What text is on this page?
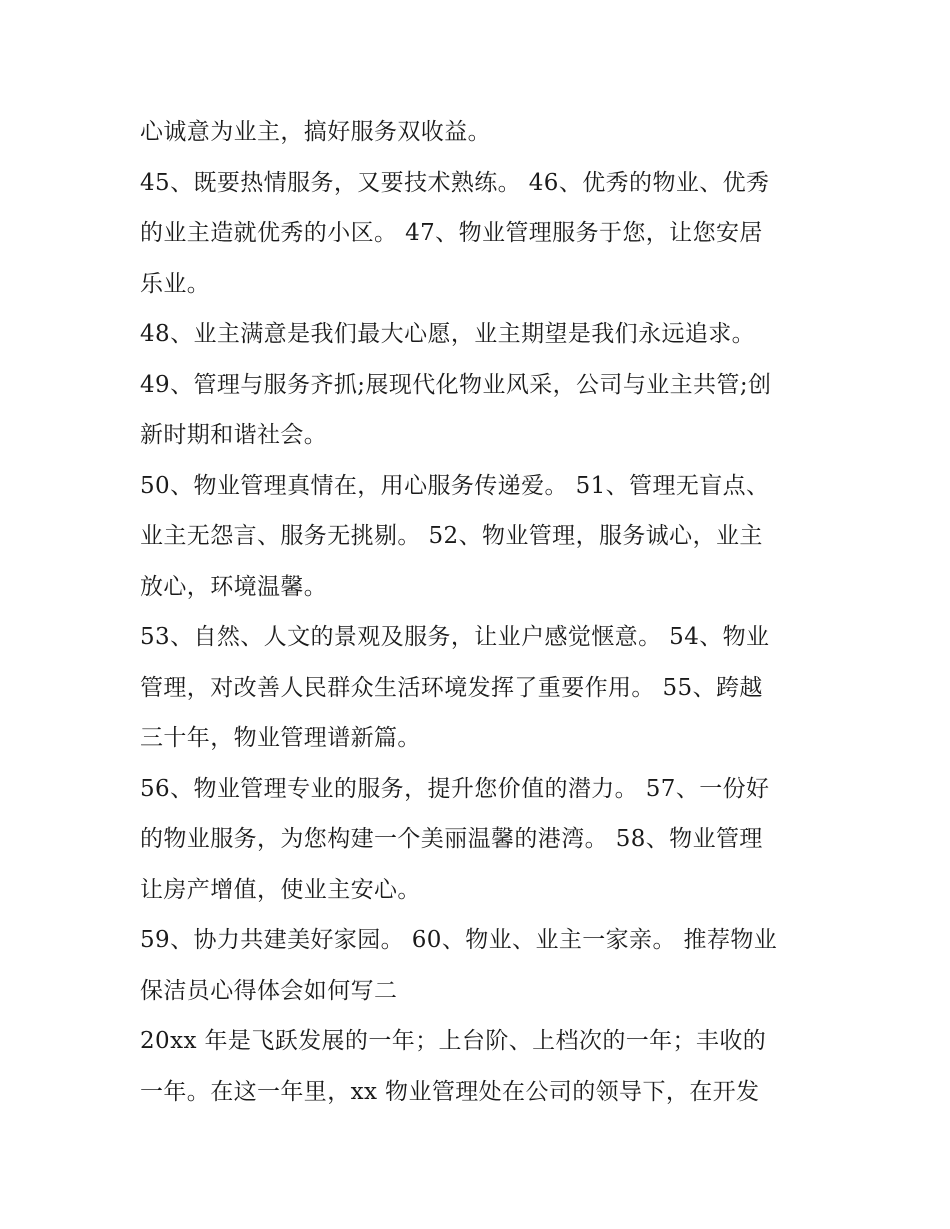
心诚意为业主，搞好服务双收益。
45、既要热情服务，又要技术熟练。 46、优秀的物业、优秀
的业主造就优秀的小区。 47、物业管理服务于您，让您安居
乐业。
48、业主满意是我们最大心愿，业主期望是我们永远追求。
49、管理与服务齐抓;展现代化物业风采，公司与业主共管;创
新时期和谐社会。
50、物业管理真情在，用心服务传递爱。 51、管理无盲点、
业主无怨言、服务无挑剔。 52、物业管理，服务诚心，业主
放心，环境温馨。
53、自然、人文的景观及服务，让业户感觉惬意。 54、物业
管理，对改善人民群众生活环境发挥了重要作用。 55、跨越
三十年，物业管理谱新篇。
56、物业管理专业的服务，提升您价值的潜力。 57、一份好
的物业服务，为您构建一个美丽温馨的港湾。 58、物业管理
让房产增值，使业主安心。
59、协力共建美好家园。 60、物业、业主一家亲。 推荐物业
保洁员心得体会如何写二
20xx 年是飞跃发展的一年；上台阶、上档次的一年；丰收的
一年。在这一年里，xx 物业管理处在公司的领导下，在开发
